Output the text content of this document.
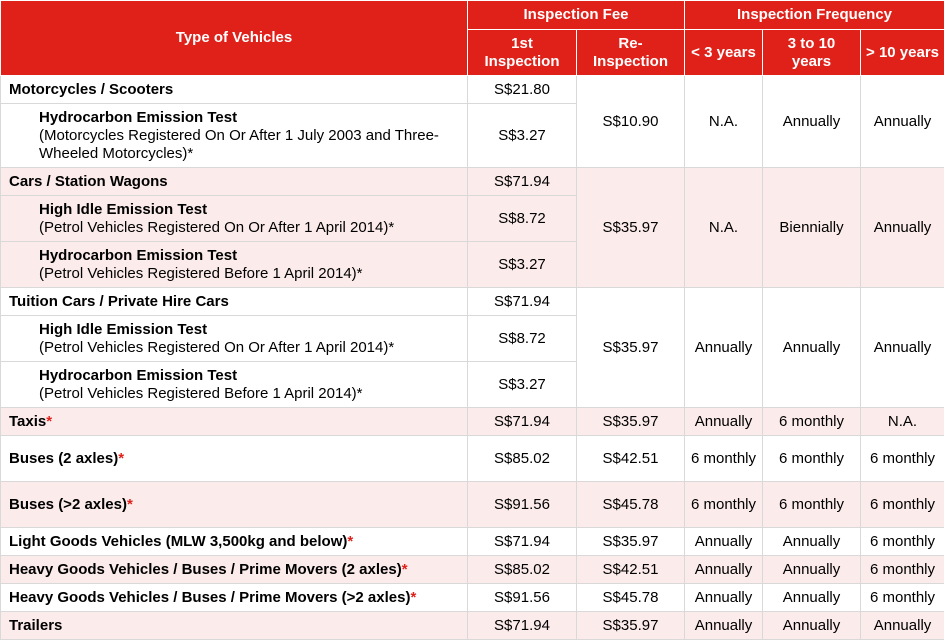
Type of Vehicles	Inspection Fee		Inspection Frequency		
	1st Inspection	Re-Inspection	< 3 years	3 to 10 years	> 10 years
Motorcycles / Scooters	S$21.80	S$10.90	N.A.	Annually	Annually

Hydrocarbon Emission Test
(Motorcycles Registered On Or After 1 July 2003 and Three-Wheeled Motorcycles)*	S$3.27				
Cars / Station Wagons	S$71.94	S$35.97	N.A.	Biennially	Annually

High Idle Emission Test
(Petrol Vehicles Registered On Or After 1 April 2014)*	S$8.72				

Hydrocarbon Emission Test
(Petrol Vehicles Registered Before 1 April 2014)*	S$3.27				
Tuition Cars / Private Hire Cars	S$71.94	S$35.97	Annually	Annually	Annually

High Idle Emission Test
(Petrol Vehicles Registered On Or After 1 April 2014)*	S$8.72				

Hydrocarbon Emission Test
(Petrol Vehicles Registered Before 1 April 2014)*	S$3.27				
Taxis*	S$71.94	S$35.97	Annually	6 monthly	N.A.
Buses (2 axles)*	S$85.02	S$42.51	6 monthly	6 monthly	6 monthly
Buses (>2 axles)*	S$91.56	S$45.78	6 monthly	6 monthly	6 monthly
Light Goods Vehicles (MLW 3,500kg and below)*	S$71.94	S$35.97	Annually	Annually	6 monthly
Heavy Goods Vehicles / Buses / Prime Movers (2 axles)*	S$85.02	S$42.51	Annually	Annually	6 monthly
Heavy Goods Vehicles / Buses / Prime Movers (>2 axles)*	S$91.56	S$45.78	Annually	Annually	6 monthly
Trailers	S$71.94	S$35.97	Annually	Annually	Annually
